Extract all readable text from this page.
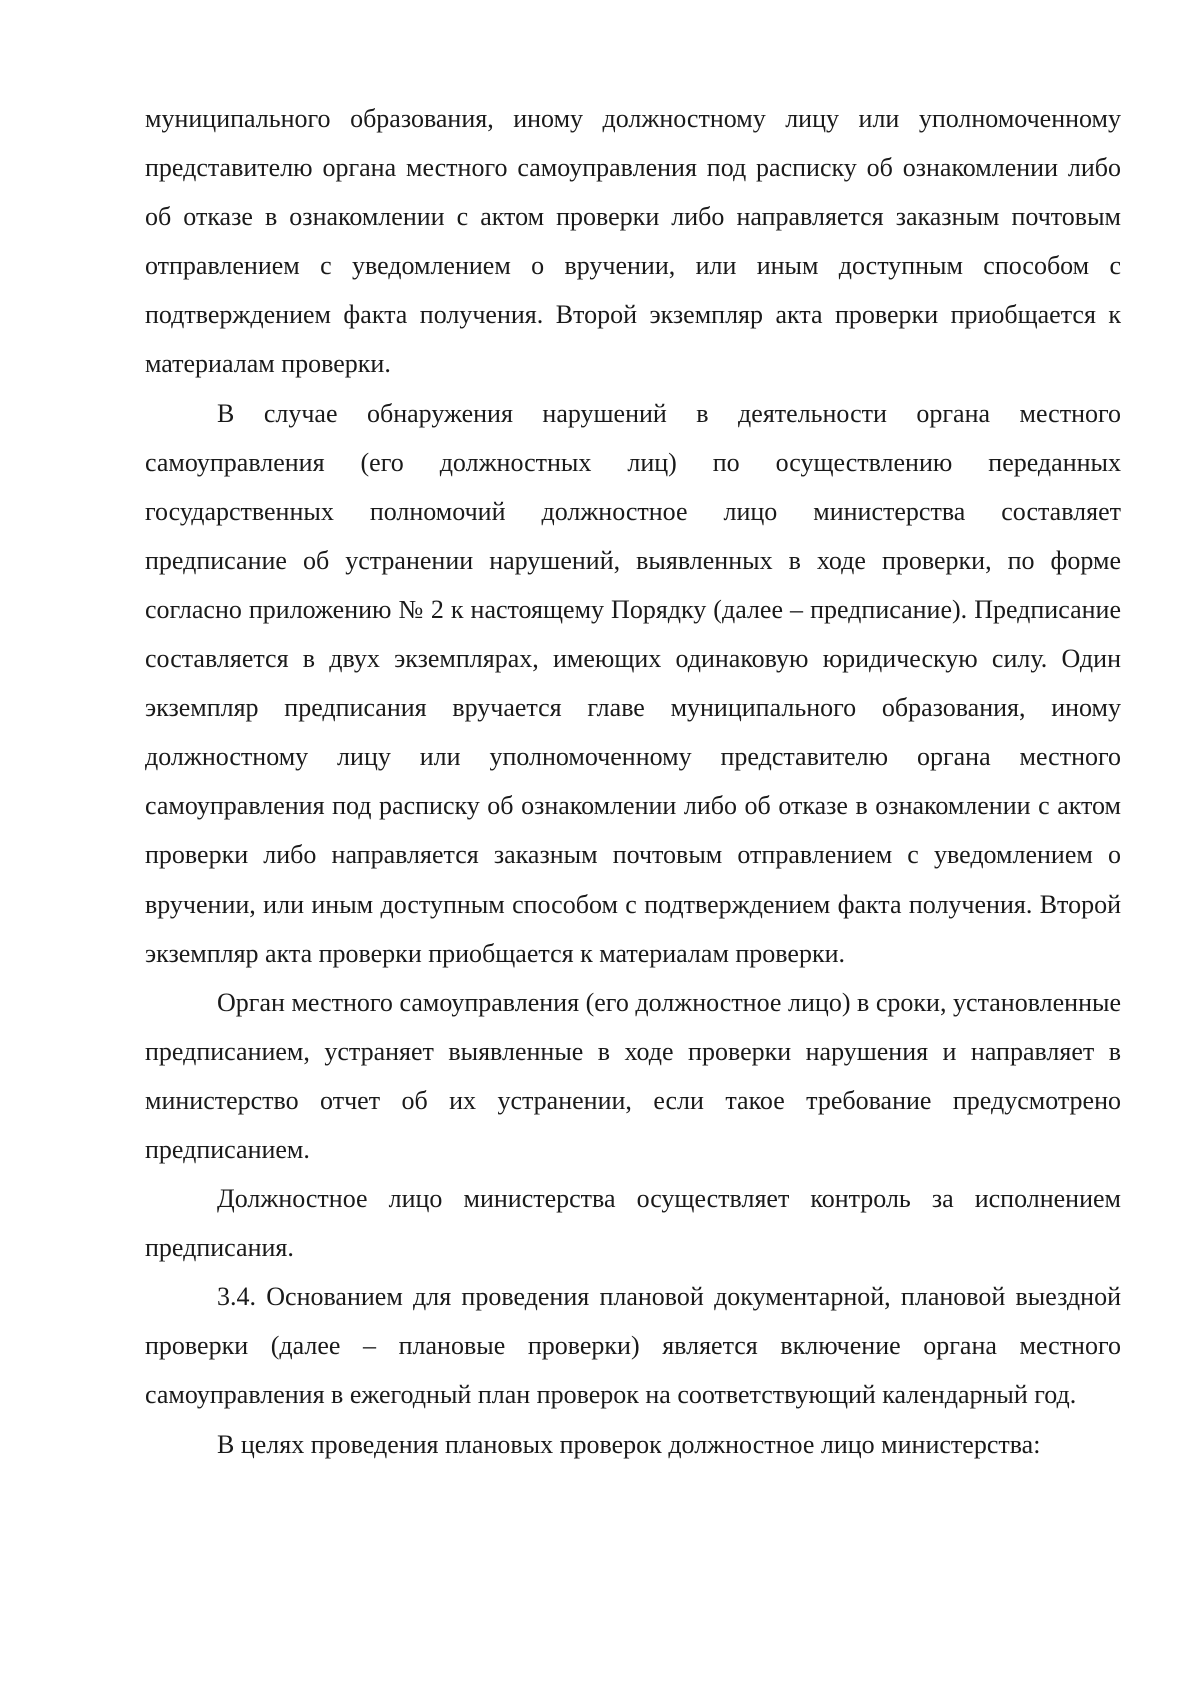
муниципального образования, иному должностному лицу или уполномоченному представителю органа местного самоуправления под расписку об ознакомлении либо об отказе в ознакомлении с актом проверки либо направляется заказным почтовым отправлением с уведомлением о вручении, или иным доступным способом с подтверждением факта получения. Второй экземпляр акта проверки приобщается к материалам проверки.

В случае обнаружения нарушений в деятельности органа местного самоуправления (его должностных лиц) по осуществлению переданных государственных полномочий должностное лицо министерства составляет предписание об устранении нарушений, выявленных в ходе проверки, по форме согласно приложению № 2 к настоящему Порядку (далее – предписание). Предписание составляется в двух экземплярах, имеющих одинаковую юридическую силу. Один экземпляр предписания вручается главе муниципального образования, иному должностному лицу или уполномоченному представителю органа местного самоуправления под расписку об ознакомлении либо об отказе в ознакомлении с актом проверки либо направляется заказным почтовым отправлением с уведомлением о вручении, или иным доступным способом с подтверждением факта получения. Второй экземпляр акта проверки приобщается к материалам проверки.

Орган местного самоуправления (его должностное лицо) в сроки, установленные предписанием, устраняет выявленные в ходе проверки нарушения и направляет в министерство отчет об их устранении, если такое требование предусмотрено предписанием.

Должностное лицо министерства осуществляет контроль за исполнением предписания.

3.4. Основанием для проведения плановой документарной, плановой выездной проверки (далее – плановые проверки) является включение органа местного самоуправления в ежегодный план проверок на соответствующий календарный год.

В целях проведения плановых проверок должностное лицо министерства:
